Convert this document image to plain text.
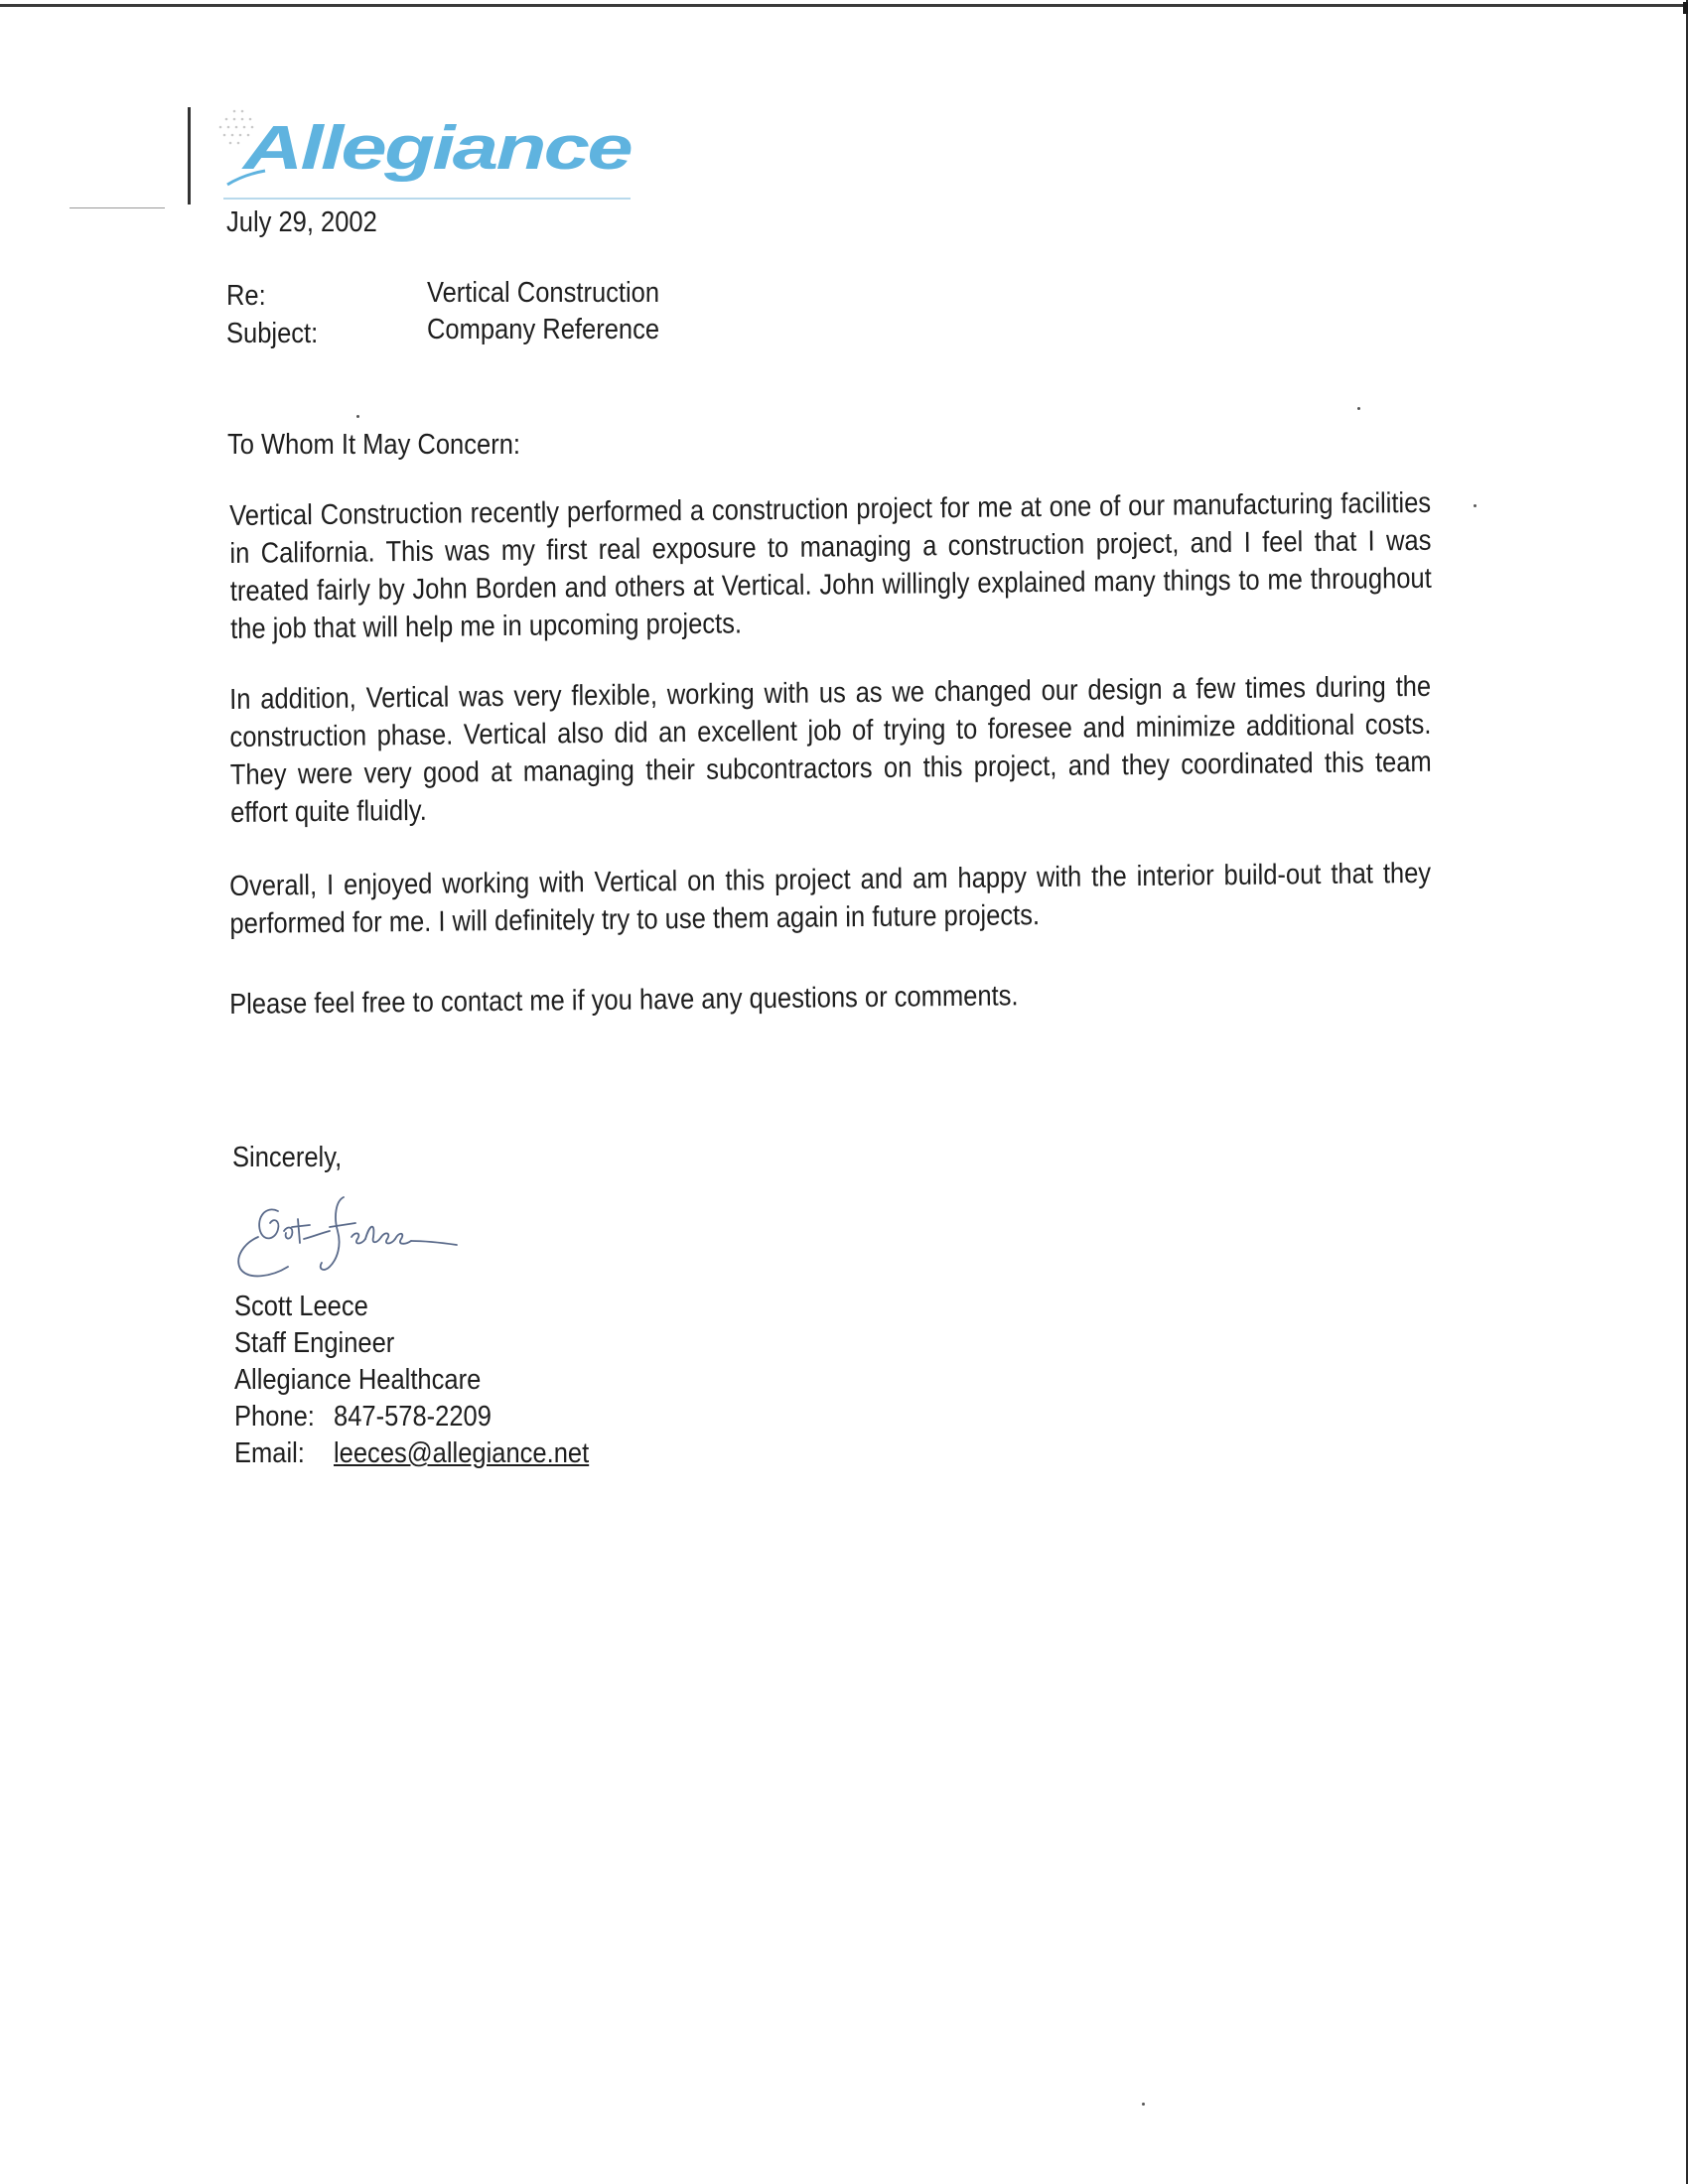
Allegiance
July 29, 2002
Re:	Vertical Construction
Subject:	Company Reference
To Whom It May Concern:
Vertical Construction recently performed a construction project for me at one of our manufacturing facilities in California. This was my first real exposure to managing a construction project, and I feel that I was treated fairly by John Borden and others at Vertical. John willingly explained many things to me throughout the job that will help me in upcoming projects.
In addition, Vertical was very flexible, working with us as we changed our design a few times during the construction phase. Vertical also did an excellent job of trying to foresee and minimize additional costs. They were very good at managing their subcontractors on this project, and they coordinated this team effort quite fluidly.
Overall, I enjoyed working with Vertical on this project and am happy with the interior build-out that they performed for me. I will definitely try to use them again in future projects.
Please feel free to contact me if you have any questions or comments.
Sincerely,
Scott Leece
Staff Engineer
Allegiance Healthcare
Phone: 847-578-2209
Email: leeces@allegiance.net
